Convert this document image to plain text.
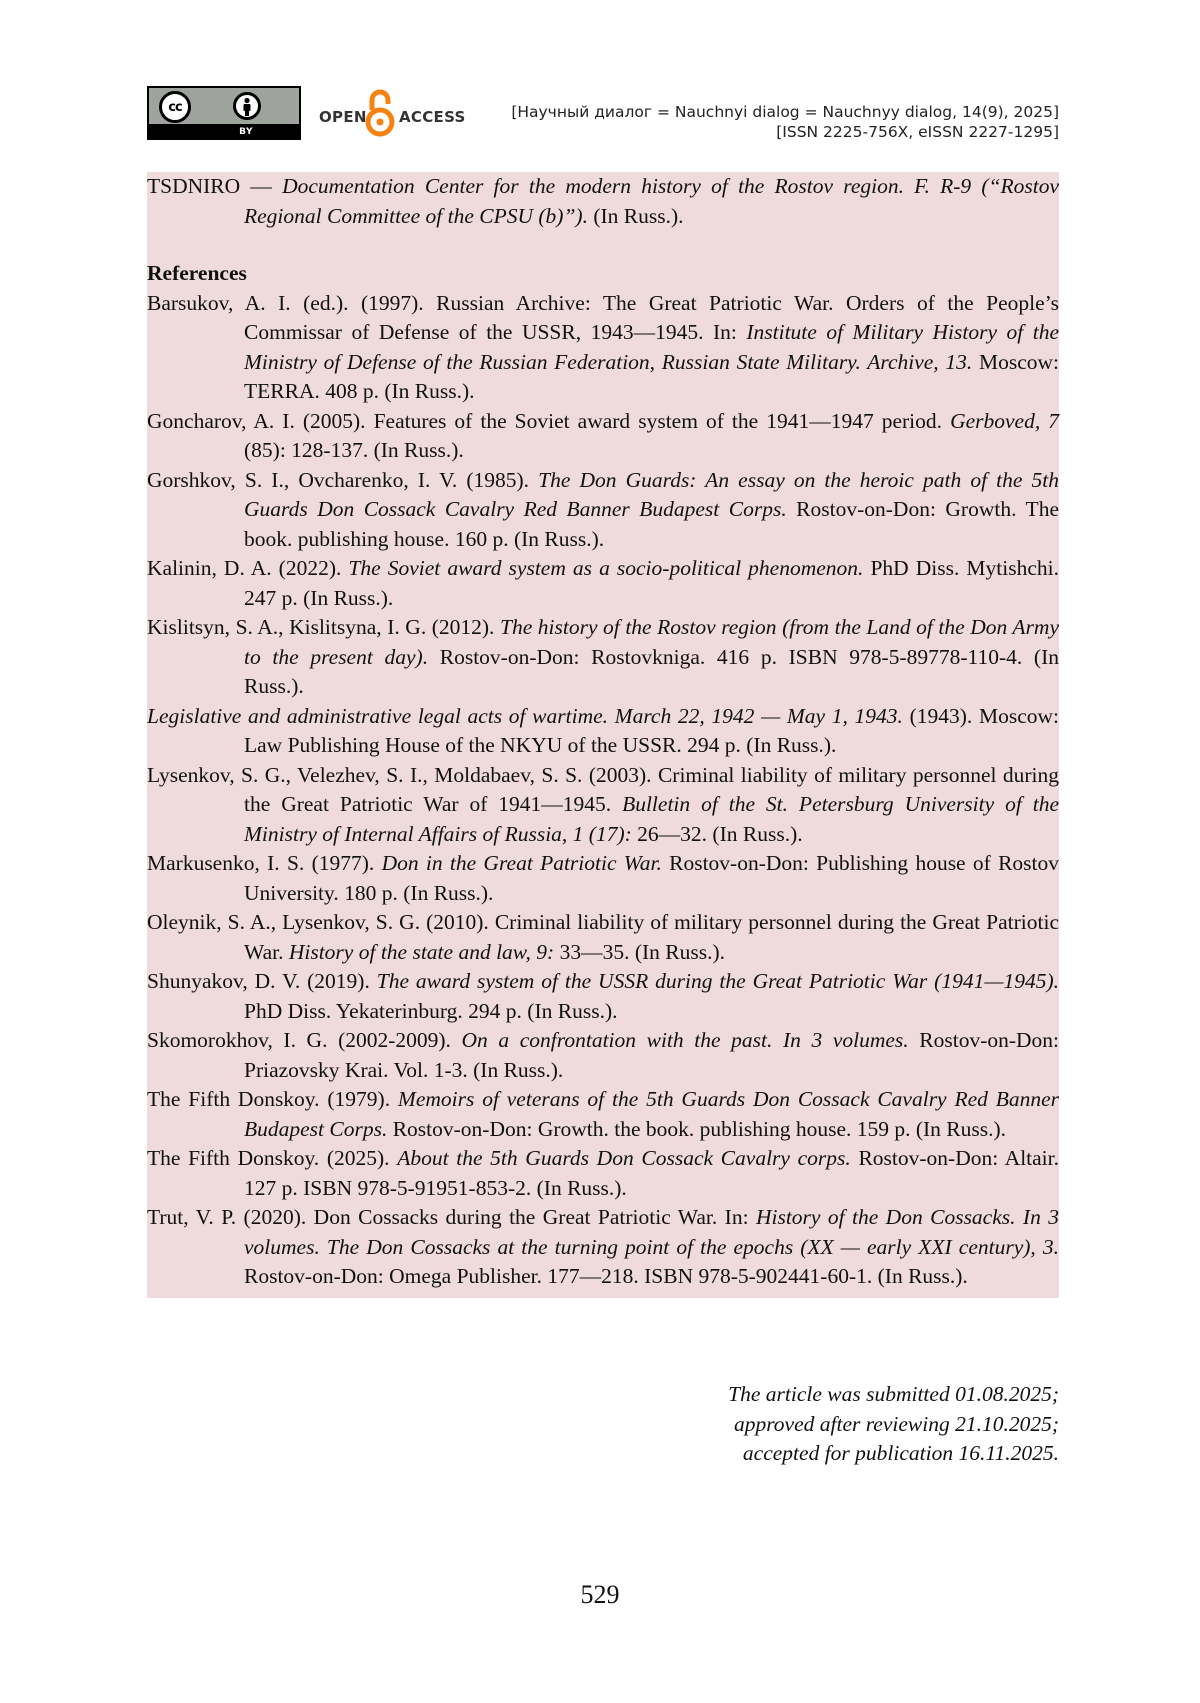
cc
BY
OPEN ACCESS	[Научный диалог = Nauchnyi dialog = Nauchnyy dialog, 14(9), 2025]
[ISSN 2225-756X, eISSN 2227-1295]
TSDNIRO — Documentation Center for the modern history of the Rostov region. F. R-9 (“Rostov Regional Committee of the CPSU (b)”). (In Russ.).
References
Barsukov, A. I. (ed.). (1997). Russian Archive: The Great Patriotic War. Orders of the People’s Commissar of Defense of the USSR, 1943—1945. In: Institute of Military History of the Ministry of Defense of the Russian Federation, Russian State Military. Archive, 13. Moscow: TERRA. 408 p. (In Russ.).
Goncharov, A. I. (2005). Features of the Soviet award system of the 1941—1947 period. Gerboved, 7 (85): 128-137. (In Russ.).
Gorshkov, S. I., Ovcharenko, I. V. (1985). The Don Guards: An essay on the heroic path of the 5th Guards Don Cossack Cavalry Red Banner Budapest Corps. Rostov-on-Don: Growth. The book. publishing house. 160 p. (In Russ.).
Kalinin, D. A. (2022). The Soviet award system as a socio-political phenomenon. PhD Diss. Mytishchi. 247 p. (In Russ.).
Kislitsyn, S. A., Kislitsyna, I. G. (2012). The history of the Rostov region (from the Land of the Don Army to the present day). Rostov-on-Don: Rostovkniga. 416 p. ISBN 978-5-89778-110-4. (In Russ.).
Legislative and administrative legal acts of wartime. March 22, 1942 — May 1, 1943. (1943). Moscow: Law Publishing House of the NKYU of the USSR. 294 p. (In Russ.).
Lysenkov, S. G., Velezhev, S. I., Moldabaev, S. S. (2003). Criminal liability of military personnel during the Great Patriotic War of 1941—1945. Bulletin of the St. Petersburg University of the Ministry of Internal Affairs of Russia, 1 (17): 26—32. (In Russ.).
Markusenko, I. S. (1977). Don in the Great Patriotic War. Rostov-on-Don: Publishing house of Rostov University. 180 p. (In Russ.).
Oleynik, S. A., Lysenkov, S. G. (2010). Criminal liability of military personnel during the Great Patriotic War. History of the state and law, 9: 33—35. (In Russ.).
Shunyakov, D. V. (2019). The award system of the USSR during the Great Patriotic War (1941—1945). PhD Diss. Yekaterinburg. 294 p. (In Russ.).
Skomorokhov, I. G. (2002-2009). On a confrontation with the past. In 3 volumes. Rostov-on-Don: Priazovsky Krai. Vol. 1-3. (In Russ.).
The Fifth Donskoy. (1979). Memoirs of veterans of the 5th Guards Don Cossack Cavalry Red Banner Budapest Corps. Rostov-on-Don: Growth. the book. publishing house. 159 p. (In Russ.).
The Fifth Donskoy. (2025). About the 5th Guards Don Cossack Cavalry corps. Rostov-on-Don: Altair. 127 p. ISBN 978-5-91951-853-2. (In Russ.).
Trut, V. P. (2020). Don Cossacks during the Great Patriotic War. In: History of the Don Cossacks. In 3 volumes. The Don Cossacks at the turning point of the epochs (XX — early XXI century), 3. Rostov-on-Don: Omega Publisher. 177—218. ISBN 978-5-902441-60-1. (In Russ.).
The article was submitted 01.08.2025;
approved after reviewing 21.10.2025;
accepted for publication 16.11.2025.
529
